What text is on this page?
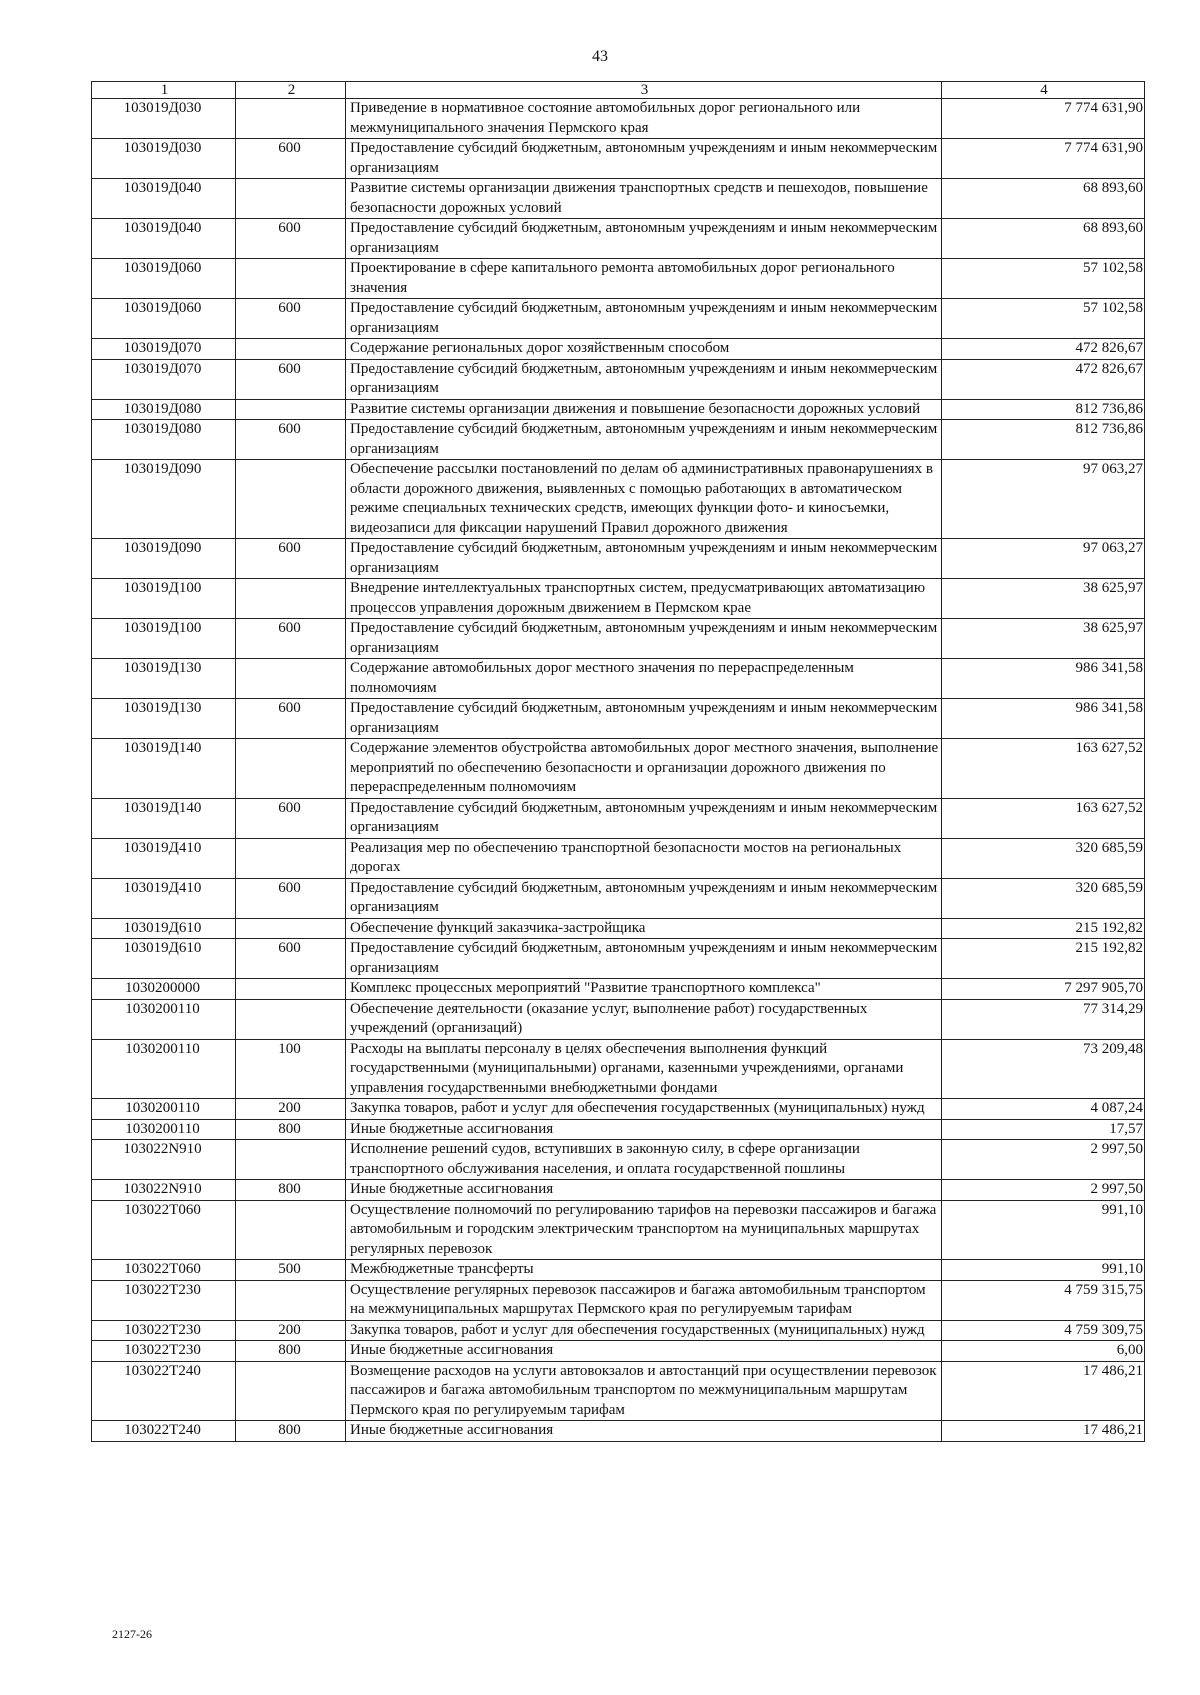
43
1	2	3	4
103019Д030		Приведение в нормативное состояние автомобильных дорог регионального или межмуниципального значения Пермского края	7 774 631,90
103019Д030	600	Предоставление субсидий бюджетным, автономным учреждениям и иным некоммерческим организациям	7 774 631,90
103019Д040		Развитие системы организации движения транспортных средств и пешеходов, повышение безопасности дорожных условий	68 893,60
103019Д040	600	Предоставление субсидий бюджетным, автономным учреждениям и иным некоммерческим организациям	68 893,60
103019Д060		Проектирование в сфере капитального ремонта автомобильных дорог регионального значения	57 102,58
103019Д060	600	Предоставление субсидий бюджетным, автономным учреждениям и иным некоммерческим организациям	57 102,58
103019Д070		Содержание региональных дорог хозяйственным способом	472 826,67
103019Д070	600	Предоставление субсидий бюджетным, автономным учреждениям и иным некоммерческим организациям	472 826,67
103019Д080		Развитие системы организации движения и повышение безопасности дорожных условий	812 736,86
103019Д080	600	Предоставление субсидий бюджетным, автономным учреждениям и иным некоммерческим организациям	812 736,86
103019Д090		Обеспечение рассылки постановлений по делам об административных правонарушениях в области дорожного движения, выявленных с помощью работающих в автоматическом режиме специальных технических средств, имеющих функции фото- и киносъемки, видеозаписи для фиксации нарушений Правил дорожного движения	97 063,27
103019Д090	600	Предоставление субсидий бюджетным, автономным учреждениям и иным некоммерческим организациям	97 063,27
103019Д100		Внедрение интеллектуальных транспортных систем, предусматривающих автоматизацию процессов управления дорожным движением в Пермском крае	38 625,97
103019Д100	600	Предоставление субсидий бюджетным, автономным учреждениям и иным некоммерческим организациям	38 625,97
103019Д130		Содержание автомобильных дорог местного значения по перераспределенным полномочиям	986 341,58
103019Д130	600	Предоставление субсидий бюджетным, автономным учреждениям и иным некоммерческим организациям	986 341,58
103019Д140		Содержание элементов обустройства автомобильных дорог местного значения, выполнение мероприятий по обеспечению безопасности и организации дорожного движения по перераспределенным полномочиям	163 627,52
103019Д140	600	Предоставление субсидий бюджетным, автономным учреждениям и иным некоммерческим организациям	163 627,52
103019Д410		Реализация мер по обеспечению транспортной безопасности мостов на региональных дорогах	320 685,59
103019Д410	600	Предоставление субсидий бюджетным, автономным учреждениям и иным некоммерческим организациям	320 685,59
103019Д610		Обеспечение функций заказчика-застройщика	215 192,82
103019Д610	600	Предоставление субсидий бюджетным, автономным учреждениям и иным некоммерческим организациям	215 192,82
1030200000		Комплекс процессных мероприятий "Развитие транспортного комплекса"	7 297 905,70
1030200110		Обеспечение деятельности (оказание услуг, выполнение работ) государственных учреждений (организаций)	77 314,29
1030200110	100	Расходы на выплаты персоналу в целях обеспечения выполнения функций государственными (муниципальными) органами, казенными учреждениями, органами управления государственными внебюджетными фондами	73 209,48
1030200110	200	Закупка товаров, работ и услуг для обеспечения государственных (муниципальных) нужд	4 087,24
1030200110	800	Иные бюджетные ассигнования	17,57
103022N910		Исполнение решений судов, вступивших в законную силу, в сфере организации транспортного обслуживания населения, и оплата государственной пошлины	2 997,50
103022N910	800	Иные бюджетные ассигнования	2 997,50
103022Т060		Осуществление полномочий по регулированию тарифов на перевозки пассажиров и багажа автомобильным и городским электрическим транспортом на муниципальных маршрутах регулярных перевозок	991,10
103022Т060	500	Межбюджетные трансферты	991,10
103022Т230		Осуществление регулярных перевозок пассажиров и багажа автомобильным транспортом на межмуниципальных маршрутах Пермского края по регулируемым тарифам	4 759 315,75
103022Т230	200	Закупка товаров, работ и услуг для обеспечения государственных (муниципальных) нужд	4 759 309,75
103022Т230	800	Иные бюджетные ассигнования	6,00
103022Т240		Возмещение расходов на услуги автовокзалов и автостанций при осуществлении перевозок пассажиров и багажа автомобильным транспортом по межмуниципальным маршрутам Пермского края по регулируемым тарифам	17 486,21
103022Т240	800	Иные бюджетные ассигнования	17 486,21
2127-26
